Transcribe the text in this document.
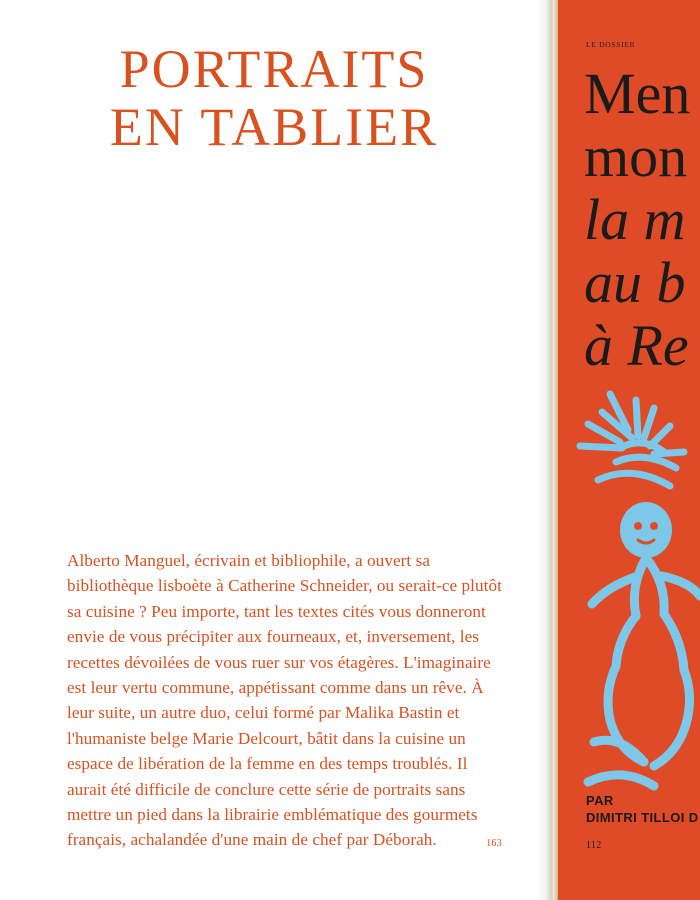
PORTRAITS
EN TABLIER

Alberto Manguel, écrivain et bibliophile, a ouvert sa bibliothèque lisboète à Catherine Schneider, ou serait-ce plutôt sa cuisine ? Peu importe, tant les textes cités vous donneront envie de vous précipiter aux fourneaux, et, inversement, les recettes dévoilées de vous ruer sur vos étagères. L'imaginaire est leur vertu commune, appétissant comme dans un rêve. À leur suite, un autre duo, celui formé par Malika Bastin et l'humaniste belge Marie Delcourt, bâtit dans la cuisine un espace de libération de la femme en des temps troublés. Il aurait été difficile de conclure cette série de portraits sans mettre un pied dans la librairie emblématique des gourmets français, achalandée d'une main de chef par Déborah.	163
LE DOSSIER
Men
mon
la m
au b
à Re
PAR
DIMITRI TILLOI D
112
